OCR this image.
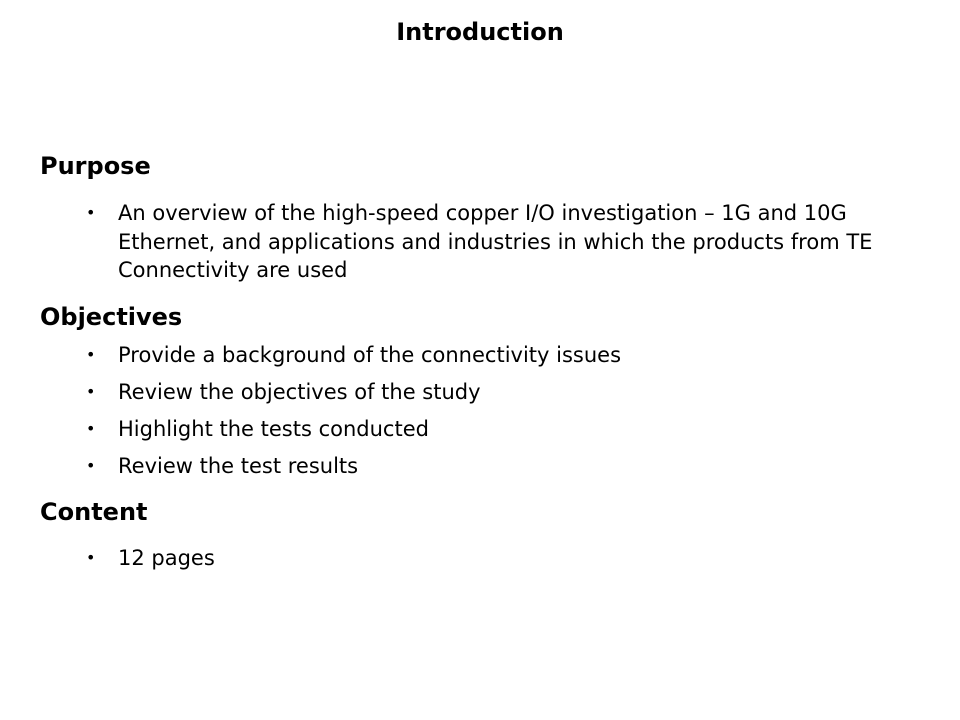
Introduction
Purpose
• An overview of the high-speed copper I/O investigation – 1G and 10G Ethernet, and applications and industries in which the products from TE Connectivity are used
Objectives
• Provide a background of the connectivity issues
• Review the objectives of the study
• Highlight the tests conducted
• Review the test results
Content
• 12 pages
